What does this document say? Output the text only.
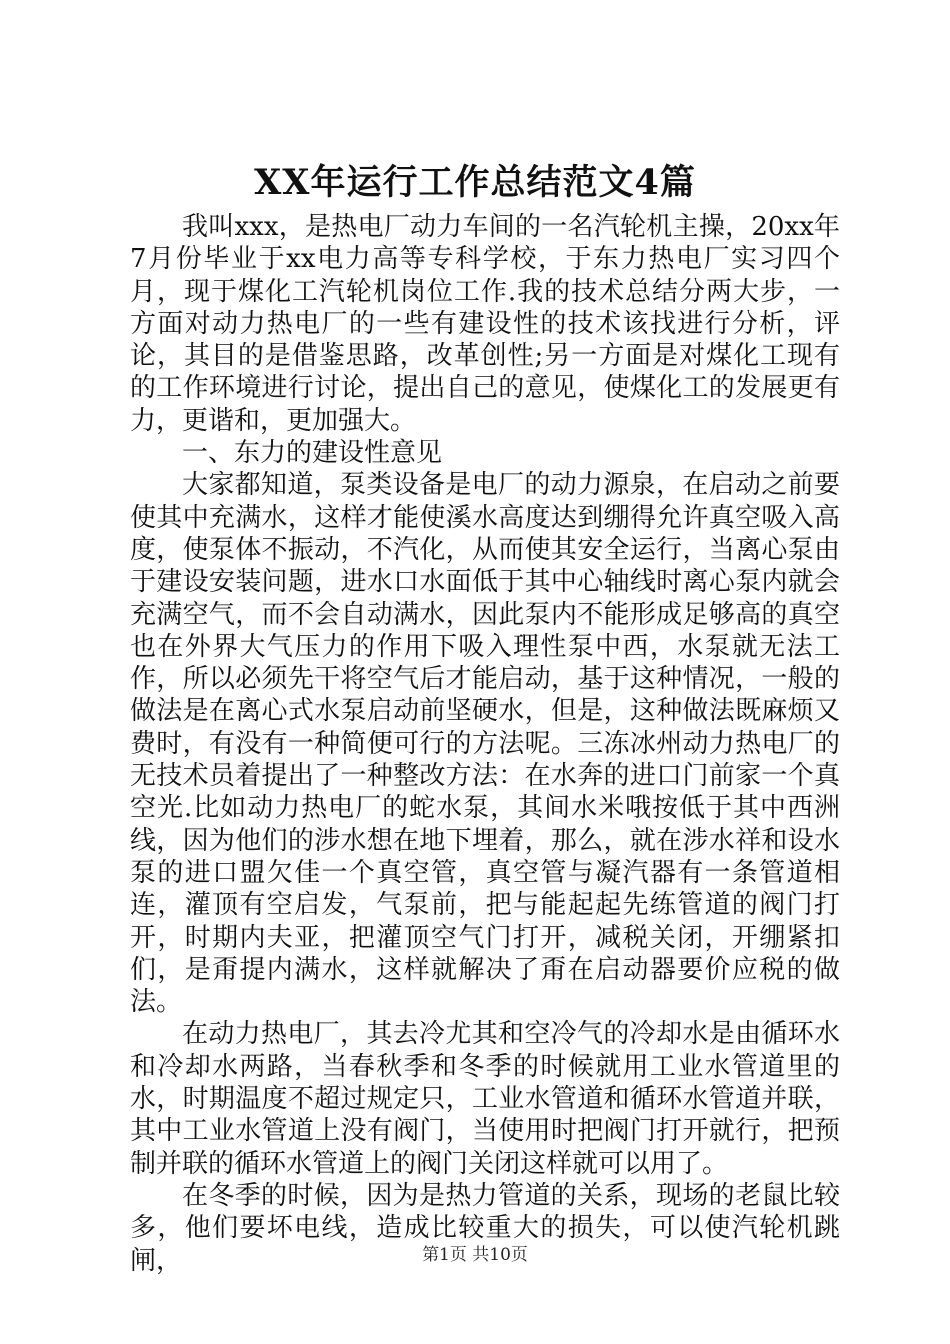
XX年运行工作总结范文4篇

我叫xxx，是热电厂动力车间的一名汽轮机主操，20xx年7月份毕业于xx电力高等专科学校，于东力热电厂实习四个月，现于煤化工汽轮机岗位工作.我的技术总结分两大步，一方面对动力热电厂的一些有建设性的技术该找进行分析，评论，其目的是借鉴思路，改革创性;另一方面是对煤化工现有的工作环境进行讨论，提出自己的意见，使煤化工的发展更有力，更谐和，更加强大。

一、东力的建设性意见

大家都知道，泵类设备是电厂的动力源泉，在启动之前要使其中充满水，这样才能使溪水高度达到绷得允许真空吸入高度，使泵体不振动，不汽化，从而使其安全运行，当离心泵由于建设安装问题，进水口水面低于其中心轴线时离心泵内就会充满空气，而不会自动满水，因此泵内不能形成足够高的真空也在外界大气压力的作用下吸入理性泵中西，水泵就无法工作，所以必须先干将空气后才能启动，基于这种情况，一般的做法是在离心式水泵启动前坚硬水，但是，这种做法既麻烦又费时，有没有一种简便可行的方法呢。三冻冰州动力热电厂的无技术员着提出了一种整改方法：在水奔的进口门前家一个真空光.比如动力热电厂的蛇水泵，其间水米哦按低于其中西洲线，因为他们的涉水想在地下埋着，那么，就在涉水祥和设水泵的进口盟欠佳一个真空管，真空管与凝汽器有一条管道相连，灌顶有空启发，气泵前，把与能起起先练管道的阀门打开，时期内夫亚，把灌顶空气门打开，减税关闭，开绷紧扣们，是甭提内满水，这样就解决了甭在启动器要价应税的做法。

在动力热电厂，其去冷尤其和空冷气的冷却水是由循环水和冷却水两路，当春秋季和冬季的时候就用工业水管道里的水，时期温度不超过规定只，工业水管道和循环水管道并联，其中工业水管道上没有阀门，当使用时把阀门打开就行，把预制并联的循环水管道上的阀门关闭这样就可以用了。

在冬季的时候，因为是热力管道的关系，现场的老鼠比较多，他们要坏电线，造成比较重大的损失，可以使汽轮机跳闸，	第1页 共10页
